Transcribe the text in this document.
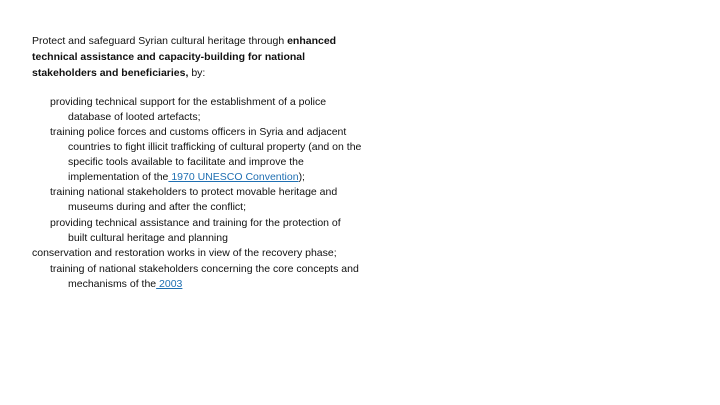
Protect and safeguard Syrian cultural heritage through enhanced
technical assistance and capacity-building for national
stakeholders and beneficiaries, by:
providing technical support for the establishment of a police
database of looted artefacts;
training police forces and customs officers in Syria and adjacent
countries to fight illicit trafficking of cultural property (and on the
specific tools available to facilitate and improve the
implementation of the 1970 UNESCO Convention);
training national stakeholders to protect movable heritage and
museums during and after the conflict;
providing technical assistance and training for the protection of
built cultural heritage and planning
conservation and restoration works in view of the recovery phase;
training of national stakeholders concerning the core concepts and
mechanisms of the 2003
